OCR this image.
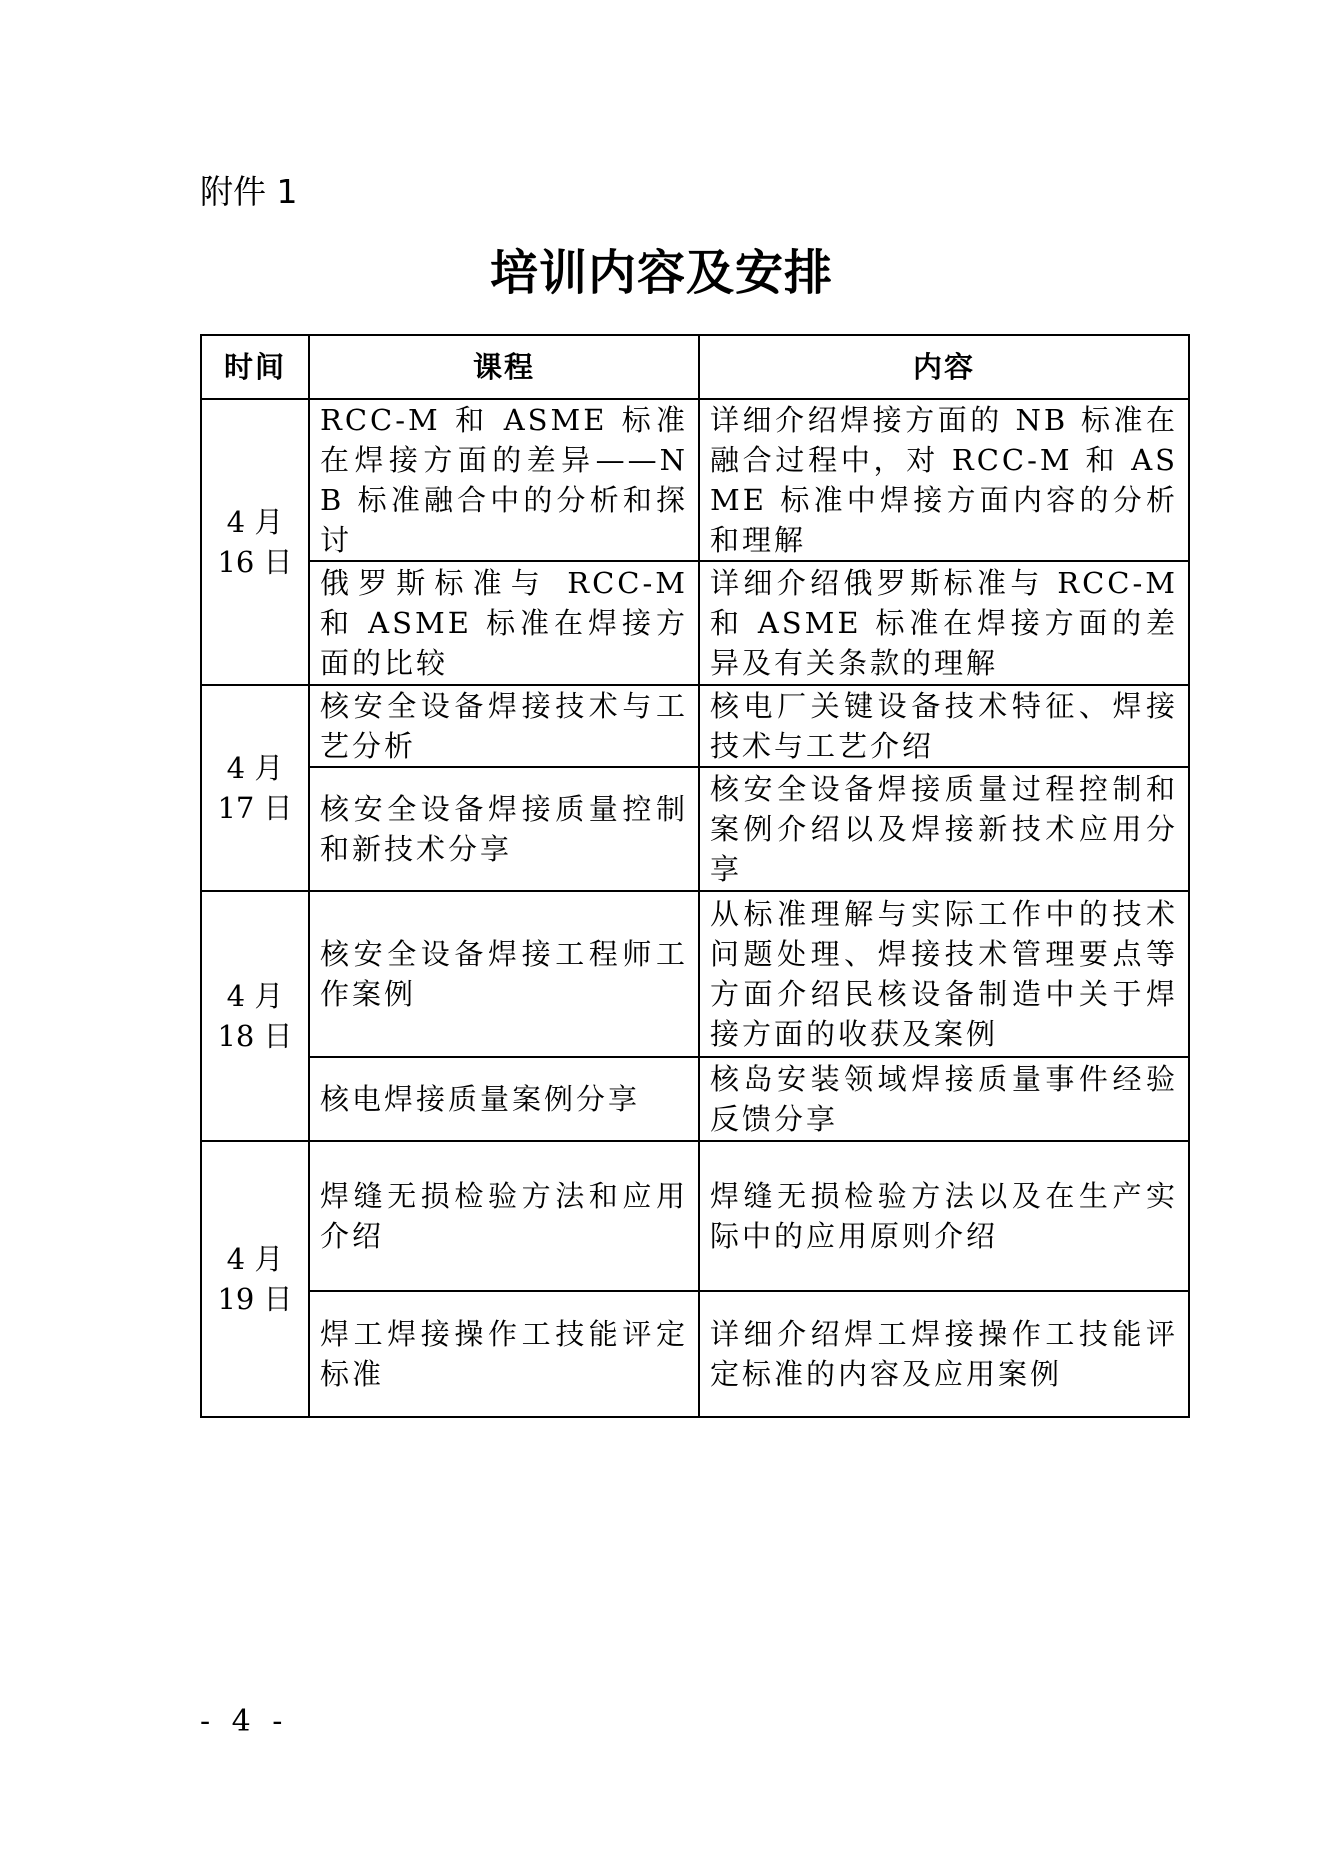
附件 1
培训内容及安排
时间	课程	内容

4 月
16 日	RCC-M 和 ASME 标准在焊接方面的差异——NB 标准融合中的分析和探讨	详细介绍焊接方面的 NB 标准在融合过程中，对 RCC-M 和 ASME 标准中焊接方面内容的分析和理解
	俄罗斯标准与 RCC-M 和 ASME 标准在焊接方面的比较	详细介绍俄罗斯标准与 RCC-M 和 ASME 标准在焊接方面的差异及有关条款的理解

4 月
17 日	核安全设备焊接技术与工艺分析	核电厂关键设备技术特征、焊接技术与工艺介绍
	核安全设备焊接质量控制和新技术分享	核安全设备焊接质量过程控制和案例介绍以及焊接新技术应用分享

4 月
18 日	核安全设备焊接工程师工作案例	从标准理解与实际工作中的技术问题处理、焊接技术管理要点等方面介绍民核设备制造中关于焊接方面的收获及案例
	核电焊接质量案例分享	核岛安装领域焊接质量事件经验反馈分享

4 月
19 日	焊缝无损检验方法和应用介绍	焊缝无损检验方法以及在生产实际中的应用原则介绍
	焊工焊接操作工技能评定标准	详细介绍焊工焊接操作工技能评定标准的内容及应用案例
- 4 -
